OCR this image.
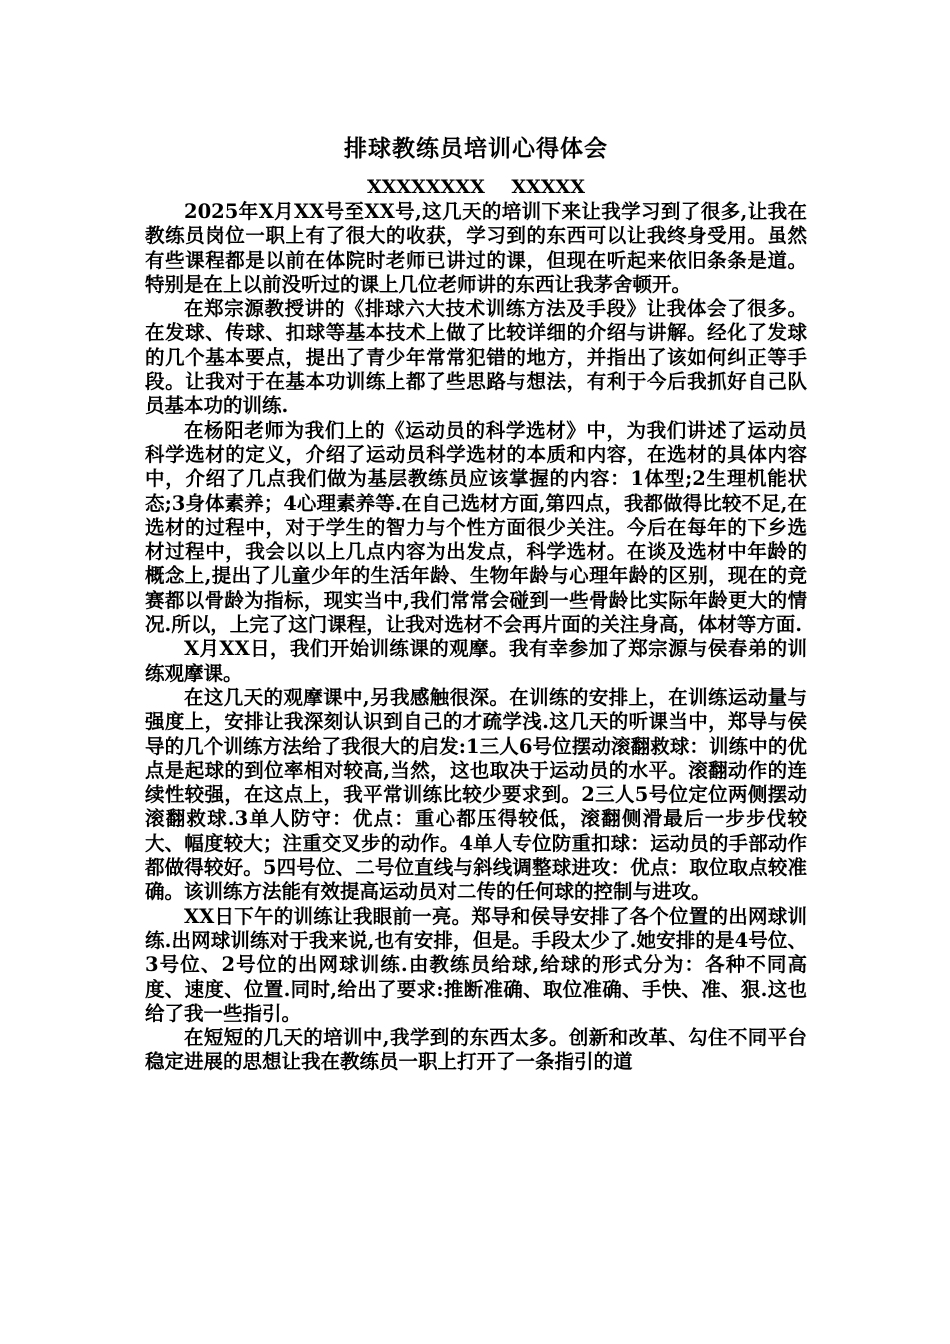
排球教练员培训心得体会
XXXXXXXX    XXXXX

2025年X月XX号至XX号,这几天的培训下来让我学习到了很多,让我在教练员岗位一职上有了很大的收获，学习到的东西可以让我终身受用。虽然有些课程都是以前在体院时老师已讲过的课，但现在听起来依旧条条是道。特别是在上以前没听过的课上几位老师讲的东西让我茅舍顿开。

在郑宗源教授讲的《排球六大技术训练方法及手段》让我体会了很多。在发球、传球、扣球等基本技术上做了比较详细的介绍与讲解。经化了发球的几个基本要点，提出了青少年常常犯错的地方，并指出了该如何纠正等手段。让我对于在基本功训练上都了些思路与想法，有利于今后我抓好自己队员基本功的训练.

在杨阳老师为我们上的《运动员的科学选材》中，为我们讲述了运动员科学选材的定义，介绍了运动员科学选材的本质和内容，在选材的具体内容中，介绍了几点我们做为基层教练员应该掌握的内容：1体型;2生理机能状态;3身体素养；4心理素养等.在自己选材方面,第四点，我都做得比较不足,在选材的过程中，对于学生的智力与个性方面很少关注。今后在每年的下乡选材过程中，我会以以上几点内容为出发点，科学选材。在谈及选材中年龄的概念上,提出了儿童少年的生活年龄、生物年龄与心理年龄的区别，现在的竞赛都以骨龄为指标，现实当中,我们常常会碰到一些骨龄比实际年龄更大的情况.所以，上完了这门课程，让我对选材不会再片面的关注身高，体材等方面.

X月XX日，我们开始训练课的观摩。我有幸参加了郑宗源与侯春弟的训练观摩课。

在这几天的观摩课中,另我感触很深。在训练的安排上，在训练运动量与强度上，安排让我深刻认识到自己的才疏学浅.这几天的听课当中，郑导与侯导的几个训练方法给了我很大的启发:1三人6号位摆动滚翻救球：训练中的优点是起球的到位率相对较高,当然，这也取决于运动员的水平。滚翻动作的连续性较强，在这点上，我平常训练比较少要求到。2三人5号位定位两侧摆动滚翻救球.3单人防守：优点：重心都压得较低，滚翻侧滑最后一步步伐较大、幅度较大；注重交叉步的动作。4单人专位防重扣球：运动员的手部动作都做得较好。5四号位、二号位直线与斜线调整球进攻：优点：取位取点较准确。该训练方法能有效提高运动员对二传的任何球的控制与进攻。

XX日下午的训练让我眼前一亮。郑导和侯导安排了各个位置的出网球训练.出网球训练对于我来说,也有安排，但是。手段太少了.她安排的是4号位、3号位、2号位的出网球训练.由教练员给球,给球的形式分为：各种不同高度、速度、位置.同时,给出了要求:推断准确、取位准确、手快、准、狠.这也给了我一些指引。

在短短的几天的培训中,我学到的东西太多。创新和改革、勾住不同平台稳定进展的思想让我在教练员一职上打开了一条指引的道
